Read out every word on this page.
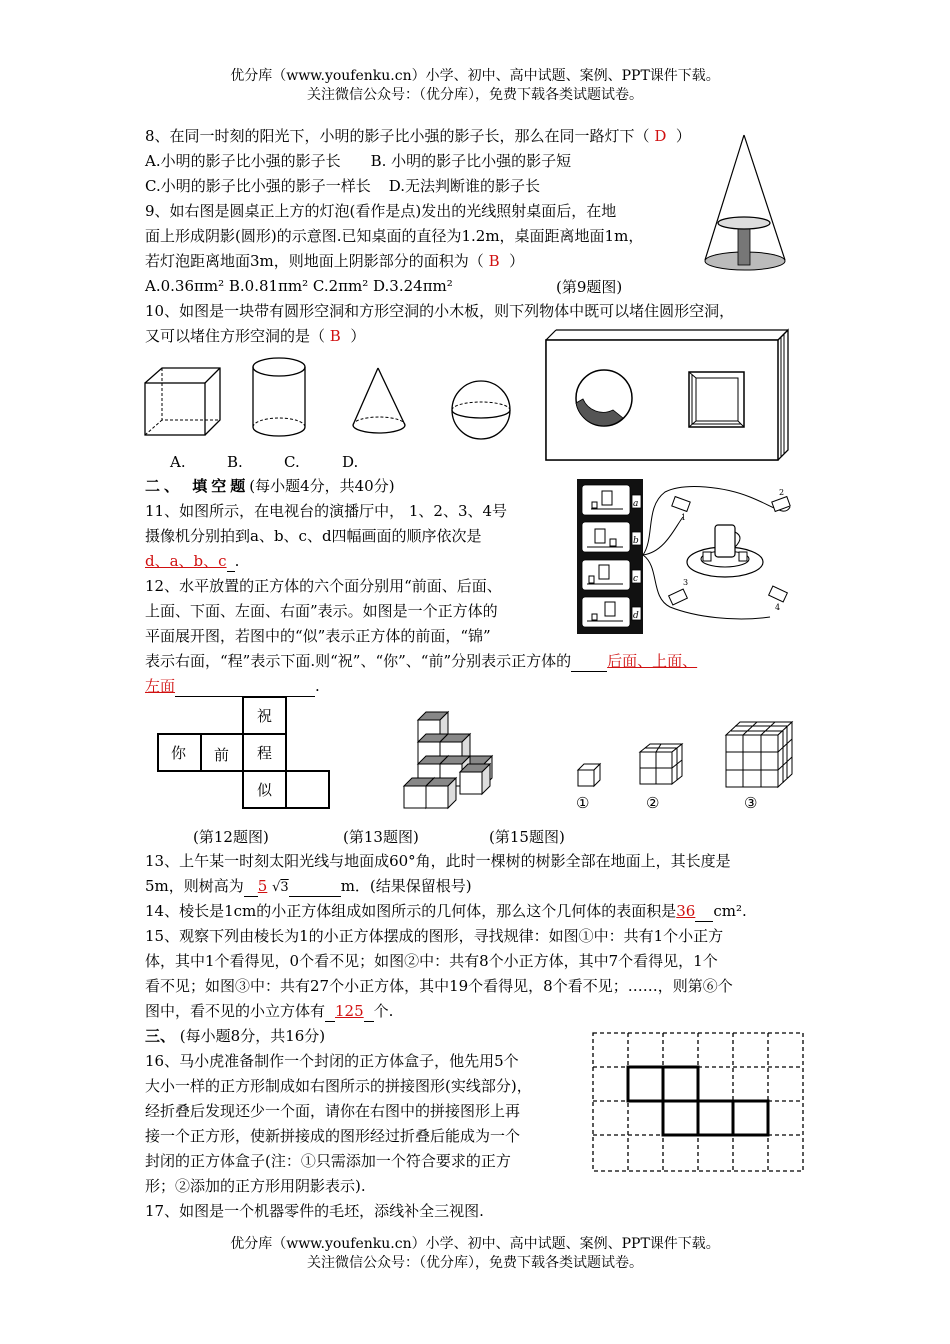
优分库（www.youfenku.cn）小学、初中、高中试题、案例、PPT课件下载。
关注微信公众号：（优分库），免费下载各类试题试卷。
8、在同一时刻的阳光下，小明的影子比小强的影子长，那么在同一路灯下（ D ）
A.小明的影子比小强的影子长 B. 小明的影子比小强的影子短
C.小明的影子比小强的影子一样长 D.无法判断谁的影子长
9、如右图是圆桌正上方的灯泡(看作是点)发出的光线照射桌面后，在地
面上形成阴影(圆形)的示意图.已知桌面的直径为1.2m，桌面距离地面1m，
若灯泡距离地面3m，则地面上阴影部分的面积为（ B ）
A.0.36πm² B.0.81πm² C.2πm² D.3.24πm²	(第9题图)
10、如图是一块带有圆形空洞和方形空洞的小木板，则下列物体中既可以堵住圆形空洞，
又可以堵住方形空洞的是（ B ）
A.	B.	C.	D.
二、 填空题(每小题4分，共40分)
11、如图所示，在电视台的演播厅中， 1、2、3、4号
摄像机分别拍到a、b、c、d四幅画面的顺序依次是
d、a、b、c .
a
b
c
d
1
2
3
4
12、水平放置的正方体的六个面分别用“前面、后面、
上面、下面、左面、右面”表示。如图是一个正方体的
平面展开图，若图中的“似”表示正方体的前面，“锦”
表示右面，“程”表示下面.则“祝”、“你”、“前”分别表示正方体的 后面、上面、
左面	.
祝
你 前 程
似
①	②	③
(第12题图)	(第13题图)	(第15题图)
13、上午某一时刻太阳光线与地面成60°角，此时一棵树的树影全部在地面上，其长度是
5m，则树高为 5 √3	m．(结果保留根号)
14、棱长是1cm的小正方体组成如图所示的几何体，那么这个几何体的表面积是36 cm².
15、观察下列由棱长为1的小正方体摆成的图形，寻找规律：如图①中：共有1个小正方
体，其中1个看得见，0个看不见；如图②中：共有8个小正方体，其中7个看得见，1个
看不见；如图③中：共有27个小正方体，其中19个看得见，8个看不见；……，则第⑥个
图中，看不见的小立方体有 125 个.
三、 (每小题8分，共16分)
16、马小虎准备制作一个封闭的正方体盒子，他先用5个
大小一样的正方形制成如右图所示的拼接图形(实线部分)，
经折叠后发现还少一个面，请你在右图中的拼接图形上再
接一个正方形，使新拼接成的图形经过折叠后能成为一个
封闭的正方体盒子(注：①只需添加一个符合要求的正方
形；②添加的正方形用阴影表示).
17、如图是一个机器零件的毛坯，添线补全三视图.
优分库（www.youfenku.cn）小学、初中、高中试题、案例、PPT课件下载。
关注微信公众号：（优分库），免费下载各类试题试卷。
